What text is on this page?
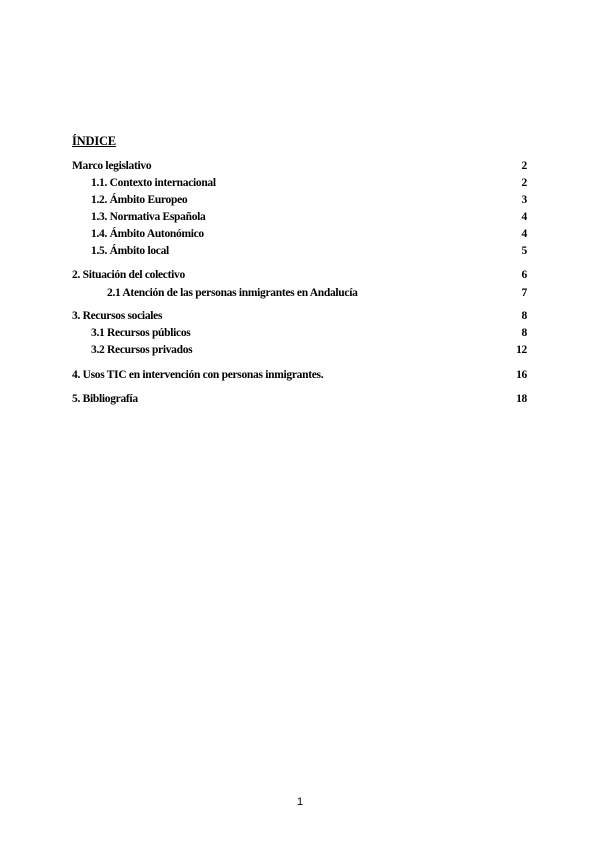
ÍNDICE
Marco legislativo	2
1.1. Contexto internacional	2
1.2. Ámbito Europeo	3
1.3. Normativa Española	4
1.4. Ámbito Autonómico	4
1.5. Ámbito local	5
2. Situación del colectivo	6
2.1 Atención de las personas inmigrantes en Andalucía	7
3. Recursos sociales	8
3.1 Recursos públicos	8
3.2 Recursos privados	12
4. Usos TIC en intervención con personas inmigrantes.	16
5. Bibliografía	18
1
